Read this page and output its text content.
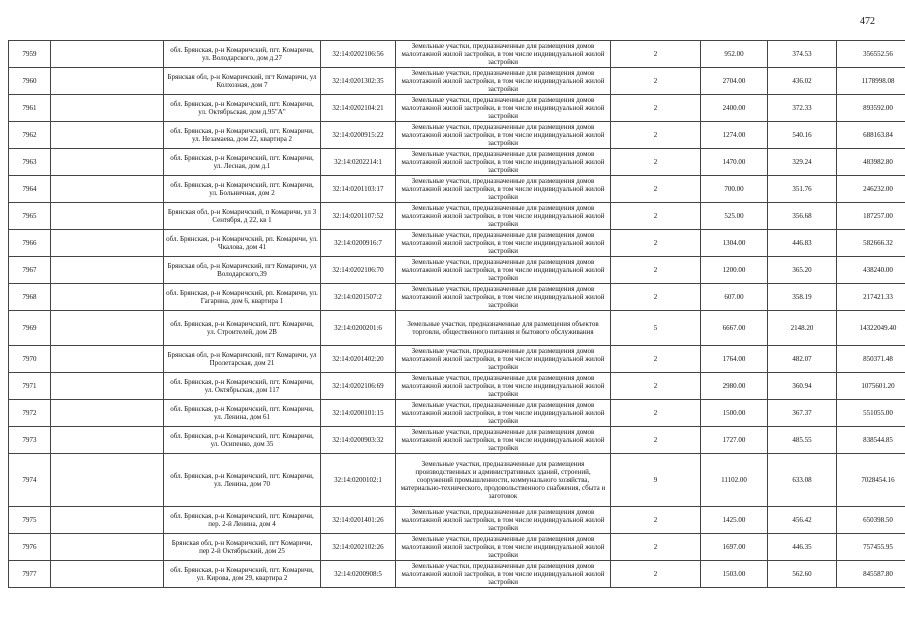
472
7959		обл. Брянская, р-н Комаричский, пгт. Комаричи, ул. Володарского, дом д.27	32:14:0202106:56	Земельные участки, предназначенные для размещения домов малоэтажной жилой застройки, в том числе индивидуальной жилой застройки	2	952.00	374.53	356552.56
7960		Брянская обл, р-н Комаричский, пгт Комаричи, ул Колхозная, дом 7	32:14:0201302:35	Земельные участки, предназначенные для размещения домов малоэтажной жилой застройки, в том числе индивидуальной жилой застройки	2	2704.00	436.02	1178998.08
7961		обл. Брянская, р-н Комаричский, пгт. Комаричи, ул. Октябрьская, дом д.95"А"	32:14:0202104:21	Земельные участки, предназначенные для размещения домов малоэтажной жилой застройки, в том числе индивидуальной жилой застройки	2	2400.00	372.33	893592.00
7962		обл. Брянская, р-н Комаричский, пгт. Комаричи, ул. Незамаева, дом 22, квартира 2	32:14:0200915:22	Земельные участки, предназначенные для размещения домов малоэтажной жилой застройки, в том числе индивидуальной жилой застройки	2	1274.00	540.16	688163.84
7963		обл. Брянская, р-н Комаричский, пгт. Комаричи, ул. Лесная, дом д.1	32:14:0202214:1	Земельные участки, предназначенные для размещения домов малоэтажной жилой застройки, в том числе индивидуальной жилой застройки	2	1470.00	329.24	483982.80
7964		обл. Брянская, р-н Комаричский, пгт. Комаричи, ул. Больничная, дом 2	32:14:0201103:17	Земельные участки, предназначенные для размещения домов малоэтажной жилой застройки, в том числе индивидуальной жилой застройки	2	700.00	351.76	246232.00
7965		Брянская обл, р-н Комаричский, п Комаричи, ул 3 Сентября, д 22, кв 1	32:14:0201107:52	Земельные участки, предназначенные для размещения домов малоэтажной жилой застройки, в том числе индивидуальной жилой застройки	2	525.00	356.68	187257.00
7966		обл. Брянская, р-н Комаричский, рп. Комаричи, ул. Чкалова, дом 41	32:14:0200916:7	Земельные участки, предназначенные для размещения домов малоэтажной жилой застройки, в том числе индивидуальной жилой застройки	2	1304.00	446.83	582666.32
7967		Брянская обл, р-н Комаричский, пгт Комаричи, ул Володарского,39	32:14:0202106:70	Земельные участки, предназначенные для размещения домов малоэтажной жилой застройки, в том числе индивидуальной жилой застройки	2	1200.00	365.20	438240.00
7968		обл. Брянская, р-н Комаричский, рп. Комаричи, ул. Гагарина, дом 6, квартира 1	32:14:0201507:2	Земельные участки, предназначенные для размещения домов малоэтажной жилой застройки, в том числе индивидуальной жилой застройки	2	607.00	358.19	217421.33
7969		обл. Брянская, р-н Комаричский, пгт. Комаричи, ул. Строителей, дом 2В	32:14:0200201:6	Земельные участки, предназначенные для размещения объектов торговли, общественного питания и бытового обслуживания	5	6667.00	2148.20	14322049.40
7970		Брянская обл, р-н Комаричский, пгт Комаричи, ул Пролетарская, дом 21	32:14:0201402:20	Земельные участки, предназначенные для размещения домов малоэтажной жилой застройки, в том числе индивидуальной жилой застройки	2	1764.00	482.07	850371.48
7971		обл. Брянская, р-н Комаричский, пгт. Комаричи, ул. Октябрьская, дом 117	32:14:0202106:69	Земельные участки, предназначенные для размещения домов малоэтажной жилой застройки, в том числе индивидуальной жилой застройки	2	2980.00	360.94	1075601.20
7972		обл. Брянская, р-н Комаричский, пгт. Комаричи, ул. Ленина, дом 61	32:14:0200101:15	Земельные участки, предназначенные для размещения домов малоэтажной жилой застройки, в том числе индивидуальной жилой застройки	2	1500.00	367.37	551055.00
7973		обл. Брянская, р-н Комаричский, пгт. Комаричи, ул. Осипенко, дом 35	32:14:0200903:32	Земельные участки, предназначенные для размещения домов малоэтажной жилой застройки, в том числе индивидуальной жилой застройки	2	1727.00	485.55	838544.85
7974		обл. Брянская, р-н Комаричский, пгт. Комаричи, ул. Ленина, дом 70	32:14:0200102:1	Земельные участки, предназначенные для размещения производственных и административных зданий, строений, сооружений промышленности, коммунального хозяйства, материально-технического, продовольственного снабжения, сбыта и заготовок	9	11102.00	633.08	7028454.16
7975		обл. Брянская, р-н Комаричский, пгт. Комаричи, пер. 2-й Ленина, дом 4	32:14:0201401:26	Земельные участки, предназначенные для размещения домов малоэтажной жилой застройки, в том числе индивидуальной жилой застройки	2	1425.00	456.42	650398.50
7976		Брянская обл, р-н Комаричский, пгт Комаричи, пер 2-й Октябрьский, дом 25	32:14:0202102:26	Земельные участки, предназначенные для размещения домов малоэтажной жилой застройки, в том числе индивидуальной жилой застройки	2	1697.00	446.35	757455.95
7977		обл. Брянская, р-н Комаричский, пгт. Комаричи, ул. Кирова, дом 29, квартира 2	32:14:0200908:5	Земельные участки, предназначенные для размещения домов малоэтажной жилой застройки, в том числе индивидуальной жилой застройки	2	1503.00	562.60	845587.80
